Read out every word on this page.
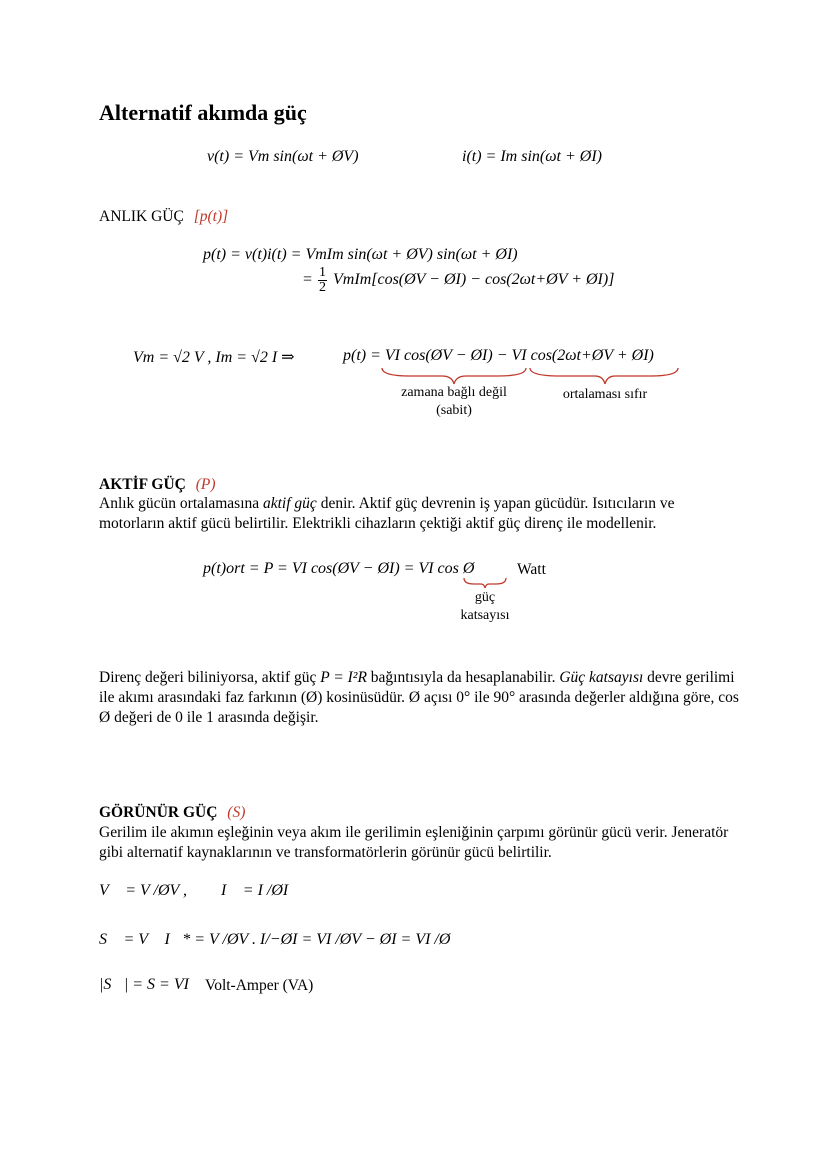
Alternatif akımda güç
v(t) = Vm sin(ωt + ØV)	i(t) = Im sin(ωt + ØI)
ANLIK GÜÇ [p(t)]
p(t) = v(t)i(t) = VmIm sin(ωt + ØV) sin(ωt + ØI)
= $\frac{1}{2}$ VmIm[cos(ØV − ØI) − cos(2ωt+ØV + ØI)]
Vm = √2 V , Im = √2 I ⇒	p(t) = VI cos(ØV − ØI) − VI cos(2ωt+ØV + ØI)
zamana bağlı değil
(sabit)
ortalaması sıfır
AKTİF GÜÇ (P)
Anlık gücün ortalamasına aktif güç denir. Aktif güç devrenin iş yapan gücüdür. Isıtıcıların ve motorların aktif gücü belirtilir. Elektrikli cihazların çektiği aktif güç direnç ile modellenir.
p(t)ort = P = VI cos(ØV − ØI) = VI cos Ø	Watt
güç
katsayısı
Direnç değeri biliniyorsa, aktif güç P = I²R bağıntısıyla da hesaplanabilir. Güç katsayısı devre gerilimi ile akımı arasındaki faz farkının (Ø) kosinüsüdür. Ø açısı 0° ile 90° arasında değerler aldığına göre, cos Ø değeri de 0 ile 1 arasında değişir.
GÖRÜNÜR GÜÇ (S)
Gerilim ile akımın eşleğinin veya akım ile gerilimin eşleniğinin çarpımı görünür gücü verir. Jeneratör gibi alternatif kaynaklarının ve transformatörlerin görünür gücü belirtilir.
V⃗ = V /ØV , I⃗ = I /ØI
S⃗ = V⃗ I⃗* = V /ØV . I/−ØI = VI /ØV − ØI = VI /Ø
|S⃗| = S = VI Volt-Amper (VA)
